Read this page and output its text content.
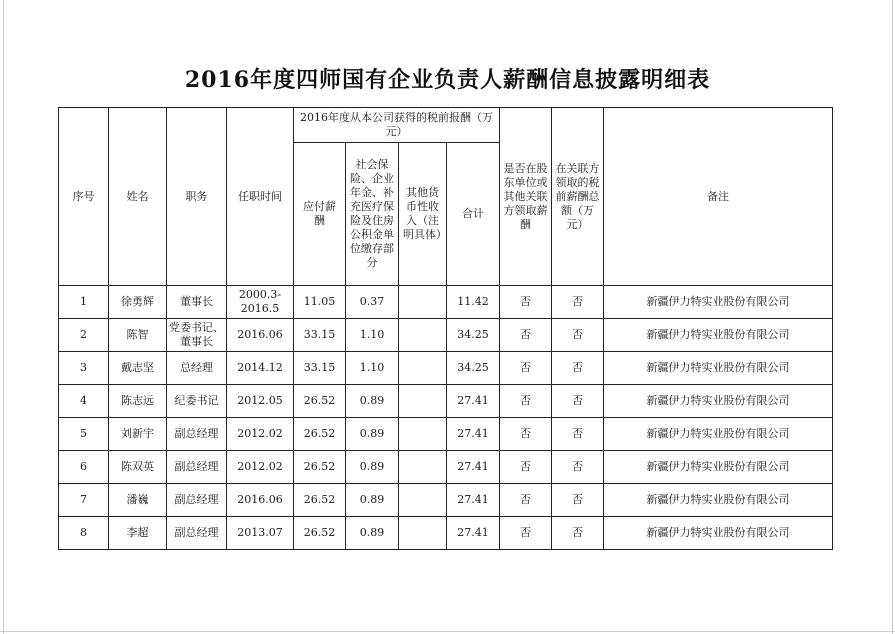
2016年度四师国有企业负责人薪酬信息披露明细表
序号	姓名	职务	任职时间	2016年度从本公司获得的税前报酬（万元）				是否在股东单位或其他关联方领取薪酬	在关联方领取的税前薪酬总额（万元）	备注
				应付薪酬	社会保险、企业年金、补充医疗保险及住房公积金单位缴存部分	其他货币性收入（注明具体）	合计			
1	徐勇辉	董事长	2000.3-2016.5	11.05	0.37		11.42	否	否	新疆伊力特实业股份有限公司
2	陈智	党委书记、董事长	2016.06	33.15	1.10		34.25	否	否	新疆伊力特实业股份有限公司
3	戴志坚	总经理	2014.12	33.15	1.10		34.25	否	否	新疆伊力特实业股份有限公司
4	陈志远	纪委书记	2012.05	26.52	0.89		27.41	否	否	新疆伊力特实业股份有限公司
5	刘新宇	副总经理	2012.02	26.52	0.89		27.41	否	否	新疆伊力特实业股份有限公司
6	陈双英	副总经理	2012.02	26.52	0.89		27.41	否	否	新疆伊力特实业股份有限公司
7	潘巍	副总经理	2016.06	26.52	0.89		27.41	否	否	新疆伊力特实业股份有限公司
8	李超	副总经理	2013.07	26.52	0.89		27.41	否	否	新疆伊力特实业股份有限公司
